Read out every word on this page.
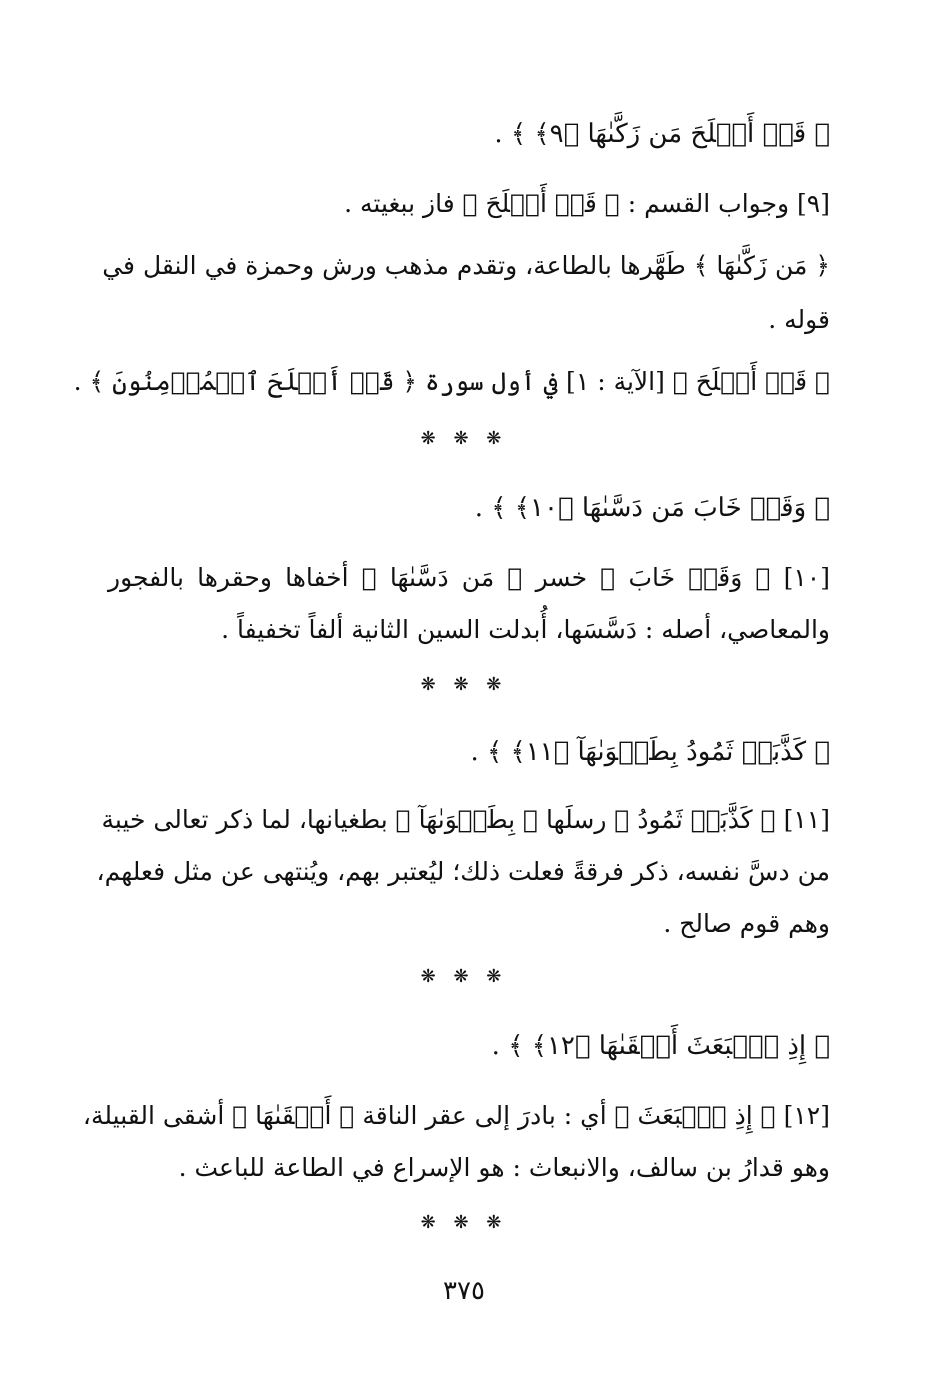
﴿ قَدۡ أَفۡلَحَ مَن زَكَّىٰهَا ﴿٩﴾ ﴾ .
[٩] وجواب القسم : ﴿ قَدۡ أَفۡلَحَ ﴾ فاز ببغيته .
﴿ مَن زَكَّىٰهَا ﴾ طَهَّرها بالطاعة، وتقدم مذهب ورش وحمزة في النقل في
قوله .
﴿ قَدۡ أَفۡلَحَ ﴾ [الآية : ١] في أول سورة ﴿ قَدۡ أَفۡلَحَ ٱلۡمُؤۡمِنُونَ ﴾ .
❋ ❋ ❋
﴿ وَقَدۡ خَابَ مَن دَسَّىٰهَا ﴿١٠﴾ ﴾ .
[١٠] ﴿ وَقَدۡ خَابَ ﴾ خسر ﴿ مَن دَسَّىٰهَا ﴾ أخفاها وحقرها بالفجور
والمعاصي، أصله : دَسَّسَها، أُبدلت السين الثانية ألفاً تخفيفاً .
❋ ❋ ❋
﴿ كَذَّبَتۡ ثَمُودُ بِطَغۡوَىٰهَآ ﴿١١﴾ ﴾ .
[١١] ﴿ كَذَّبَتۡ ثَمُودُ ﴾ رسلَها ﴿ بِطَغۡوَىٰهَآ ﴾ بطغيانها، لما ذكر تعالى خيبة
من دسَّ نفسه، ذكر فرقةً فعلت ذلك؛ ليُعتبر بهم، ويُنتهى عن مثل فعلهم،
وهم قوم صالح .
❋ ❋ ❋
﴿ إِذِ ٱنۢبَعَثَ أَشۡقَىٰهَا ﴿١٢﴾ ﴾ .
[١٢] ﴿ إِذِ ٱنۢبَعَثَ ﴾ أي : بادرَ إلى عقر الناقة ﴿ أَشۡقَىٰهَا ﴾ أشقى القبيلة،
وهو قدارُ بن سالف، والانبعاث : هو الإسراع في الطاعة للباعث .
❋ ❋ ❋
٣٧٥
